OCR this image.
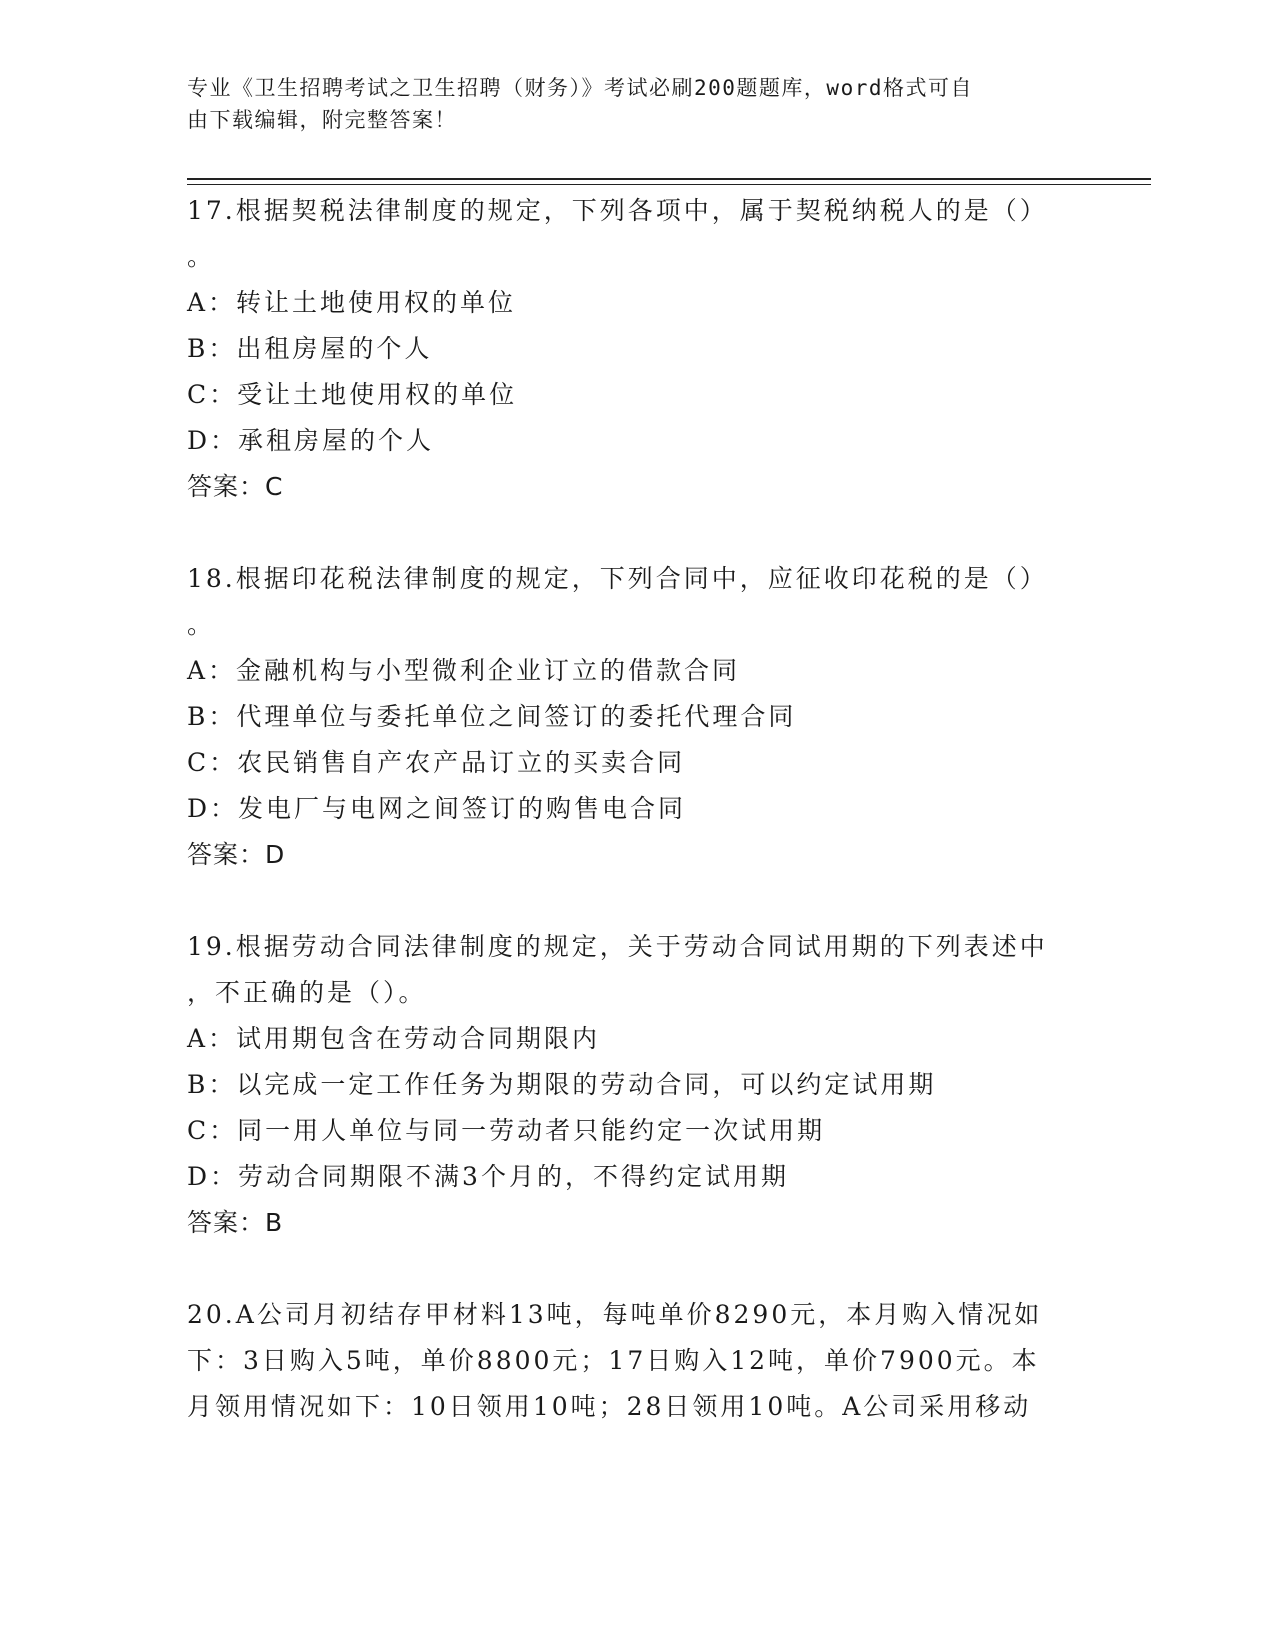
专业《卫生招聘考试之卫生招聘（财务）》考试必刷200题题库，word格式可自
由下载编辑，附完整答案！
17.根据契税法律制度的规定，下列各项中，属于契税纳税人的是（）
。
A：转让土地使用权的单位
B：出租房屋的个人
C：受让土地使用权的单位
D：承租房屋的个人
答案：C
18.根据印花税法律制度的规定，下列合同中，应征收印花税的是（）
。
A：金融机构与小型微利企业订立的借款合同
B：代理单位与委托单位之间签订的委托代理合同
C：农民销售自产农产品订立的买卖合同
D：发电厂与电网之间签订的购售电合同
答案：D
19.根据劳动合同法律制度的规定，关于劳动合同试用期的下列表述中
，不正确的是（）。
A：试用期包含在劳动合同期限内
B：以完成一定工作任务为期限的劳动合同，可以约定试用期
C：同一用人单位与同一劳动者只能约定一次试用期
D：劳动合同期限不满3个月的，不得约定试用期
答案：B
20.A公司月初结存甲材料13吨，每吨单价8290元，本月购入情况如
下：3日购入5吨，单价8800元；17日购入12吨，单价7900元。本
月领用情况如下：10日领用10吨；28日领用10吨。A公司采用移动
